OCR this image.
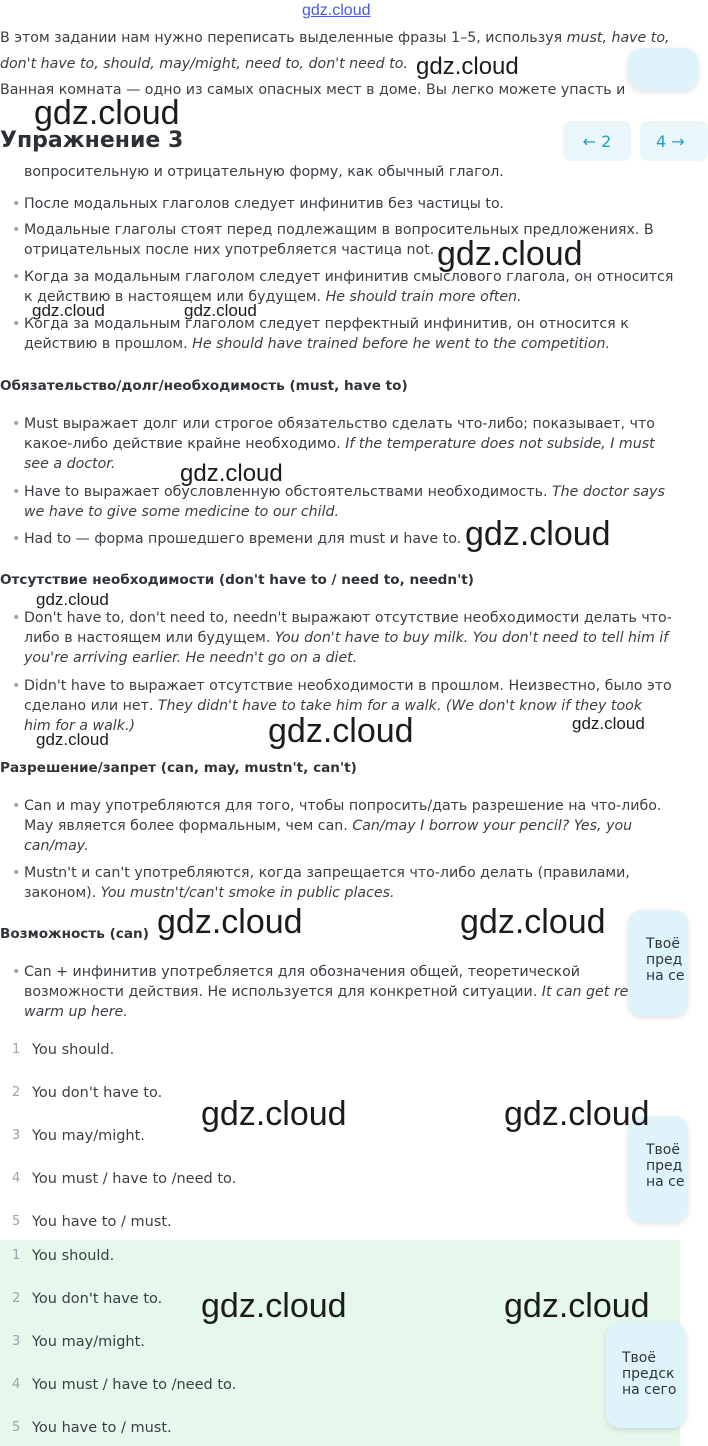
gdz.cloud
В этом задании нам нужно переписать выделенные фразы 1–5, используя must, have to,
don't have to, should, may/might, need to, don't need to.
Ванная комната — одно из самых опасных мест в доме. Вы легко можете упасть и
Упражнение 3	← 2	4 →
вопросительную и отрицательную форму, как обычный глагол.
• После модальных глаголов следует инфинитив без частицы to.
• Модальные глаголы стоят перед подлежащим в вопросительных предложениях. В
отрицательных после них употребляется частица not.
• Когда за модальным глаголом следует инфинитив смыслового глагола, он относится
к действию в настоящем или будущем. He should train more often.
• Когда за модальным глаголом следует перфектный инфинитив, он относится к
действию в прошлом. He should have trained before he went to the competition.
Обязательство/долг/необходимость (must, have to)
• Must выражает долг или строгое обязательство сделать что-либо; показывает, что
какое-либо действие крайне необходимо. If the temperature does not subside, I must
see a doctor.
• Have to выражает обусловленную обстоятельствами необходимость. The doctor says
we have to give some medicine to our child.
• Had to — форма прошедшего времени для must и have to.
Отсутствие необходимости (don't have to / need to, needn't)
• Don't have to, don't need to, needn't выражают отсутствие необходимости делать что-
либо в настоящем или будущем. You don't have to buy milk. You don't need to tell him if
you're arriving earlier. He needn't go on a diet.
• Didn't have to выражает отсутствие необходимости в прошлом. Неизвестно, было это
сделано или нет. They didn't have to take him for a walk. (We don't know if they took
him for a walk.)
Разрешение/запрет (can, may, mustn't, can't)
• Can и may употребляются для того, чтобы попросить/дать разрешение на что-либо.
May является более формальным, чем can. Can/may I borrow your pencil? Yes, you
can/may.
• Mustn't и can't употребляются, когда запрещается что-либо делать (правилами,
законом). You mustn't/can't smoke in public places.
Возможность (can)
• Can + инфинитив употребляется для обозначения общей, теоретической
возможности действия. Не используется для конкретной ситуации. It can get re
warm up here.
1 You should.
2 You don't have to.
3 You may/might.
4 You must / have to /need to.
5 You have to / must.
1 You should.
2 You don't have to.
3 You may/might.
4 You must / have to /need to.
5 You have to / must.
Твоё
пред
на се
Твоё
пред
на се
Твоё
предск
на сего
gdz.cloud
gdz.cloud
gdz.cloud
gdz.cloud	gdz.cloud
gdz.cloud
gdz.cloud
gdz.cloud
gdz.cloud	gdz.cloud
gdz.cloud
gdz.cloud	gdz.cloud
gdz.cloud	gdz.cloud
gdz.cloud	gdz.cloud
